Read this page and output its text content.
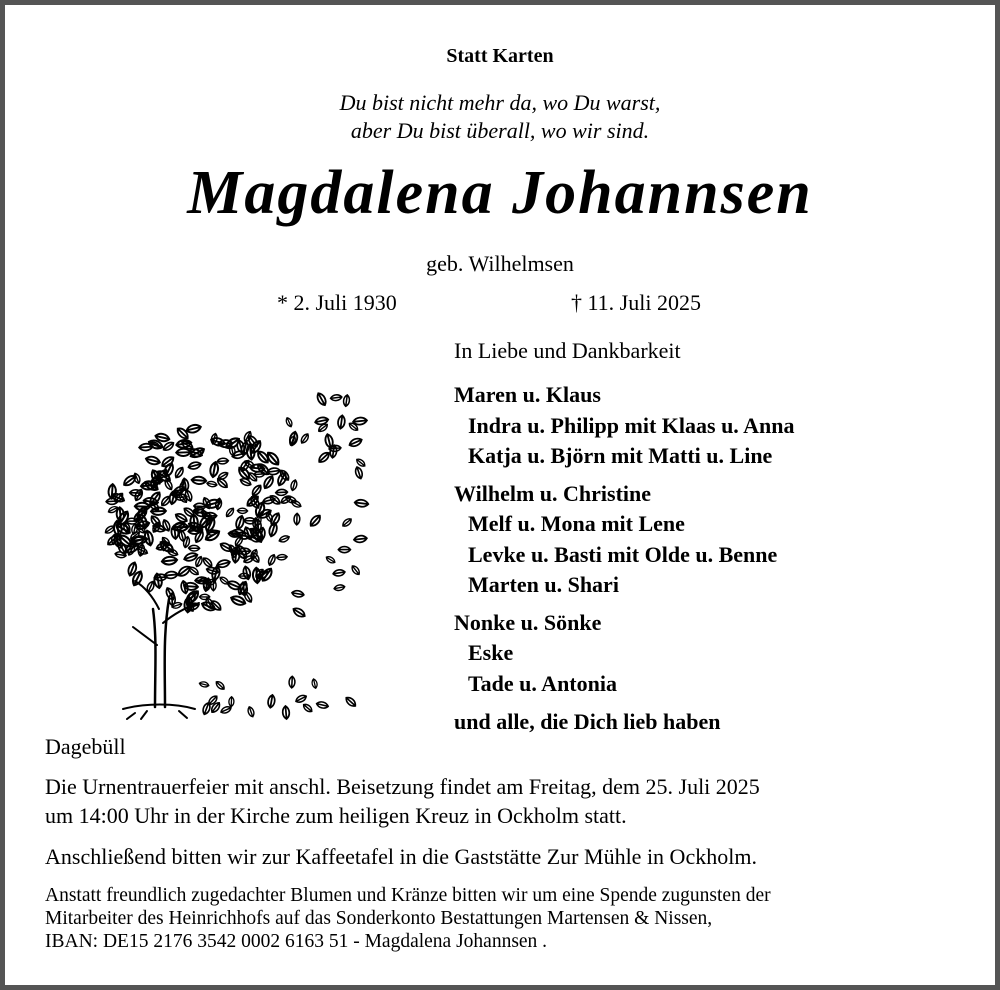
Statt Karten

Du bist nicht mehr da, wo Du warst,
aber Du bist überall, wo wir sind.
Magdalena Johannsen

geb. Wilhelmsen

* 2. Juli 1930	† 11. Juli 2025

In Liebe und Dankbarkeit

Maren u. Klaus
Indra u. Philipp mit Klaas u. Anna
Katja u. Björn mit Matti u. Line
Wilhelm u. Christine
Melf u. Mona mit Lene
Levke u. Basti mit Olde u. Benne
Marten u. Shari
Nonke u. Sönke
Eske
Tade u. Antonia

und alle, die Dich lieb haben

Dagebüll

Die Urnentrauerfeier mit anschl. Beisetzung findet am Freitag, dem 25. Juli 2025
um 14:00 Uhr in der Kirche zum heiligen Kreuz in Ockholm statt.

Anschließend bitten wir zur Kaffeetafel in die Gaststätte Zur Mühle in Ockholm.

Anstatt freundlich zugedachter Blumen und Kränze bitten wir um eine Spende zugunsten der
Mitarbeiter des Heinrichhofs auf das Sonderkonto Bestattungen Martensen & Nissen,
IBAN: DE15 2176 3542 0002 6163 51 - Magdalena Johannsen .
